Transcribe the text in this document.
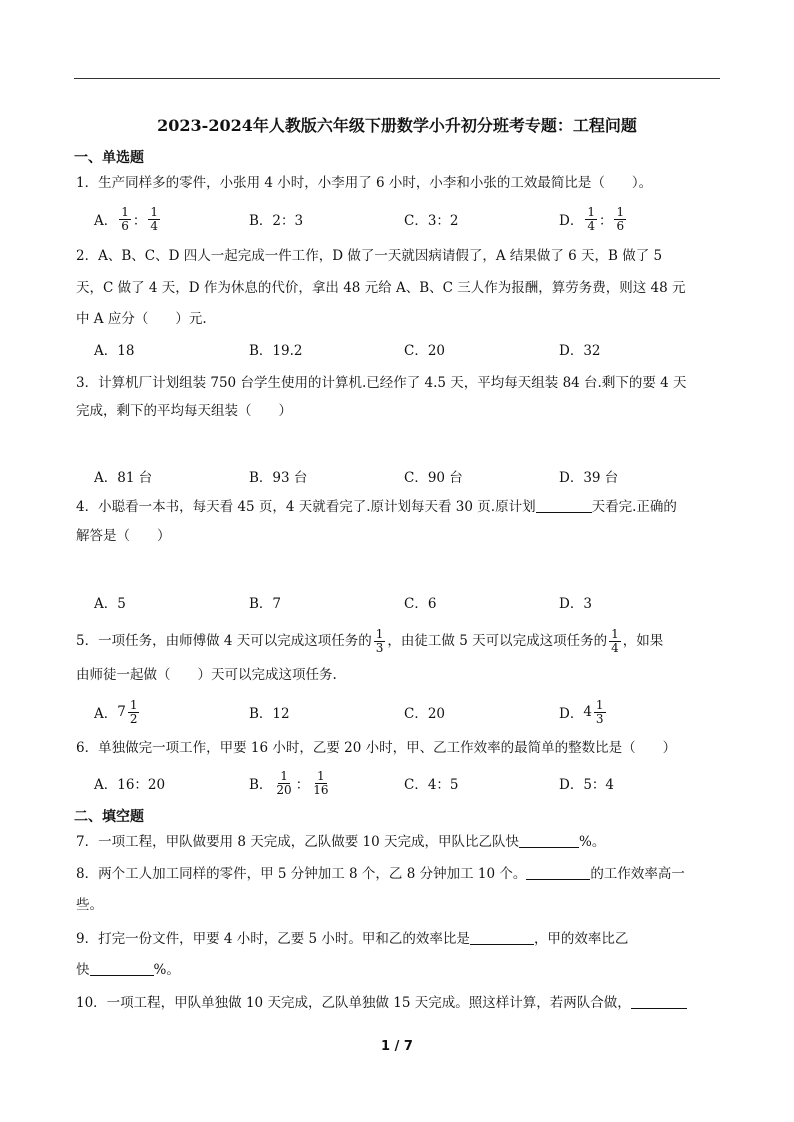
2023-2024年人教版六年级下册数学小升初分班考专题：工程问题
一、单选题
1．生产同样多的零件，小张用 4 小时，小李用了 6 小时，小李和小张的工效最简比是（　　）。
A． $\frac{1}{6}$ ： $\frac{1}{4}$	B．2：3	C．3：2	D． $\frac{1}{4}$ ： $\frac{1}{6}$
2．A、B、C、D 四人一起完成一件工作，D 做了一天就因病请假了，A 结果做了 6 天，B 做了 5
天，C 做了 4 天，D 作为休息的代价，拿出 48 元给 A、B、C 三人作为报酬，算劳务费，则这 48 元
中 A 应分（　　）元.
A．18	B．19.2	C．20	D．32
3．计算机厂计划组装 750 台学生使用的计算机.已经作了 4.5 天，平均每天组装 84 台.剩下的要 4 天
完成，剩下的平均每天组装（　　）
A．81 台	B．93 台	C．90 台	D．39 台
4．小聪看一本书，每天看 45 页，4 天就看完了.原计划每天看 30 页.原计划	天看完.正确的
解答是（　　）
A．5	B．7	C．6	D．3
5．一项任务，由师傅做 4 天可以完成这项任务的 $\frac{1}{3}$ ，由徒工做 5 天可以完成这项任务的 $\frac{1}{4}$ ，如果
由师徒一起做（　　）天可以完成这项任务.
A． $7 \frac{1}{2}$	B．12	C．20	D． $4 \frac{1}{3}$
6．单独做完一项工作，甲要 16 小时，乙要 20 小时，甲、乙工作效率的最简单的整数比是（　　）
A．16：20	B． $\frac{1}{20}$ ： $\frac{1}{16}$	C．4：5	D．5：4
二、填空题
7．一项工程，甲队做要用 8 天完成，乙队做要 10 天完成，甲队比乙队快	%。
8．两个工人加工同样的零件，甲 5 分钟加工 8 个，乙 8 分钟加工 10 个。	的工作效率高一
些。
9．打完一份文件，甲要 4 小时，乙要 5 小时。甲和乙的效率比是	，甲的效率比乙
快	%。
10．一项工程，甲队单独做 10 天完成，乙队单独做 15 天完成。照这样计算，若两队合做，
1 / 7
